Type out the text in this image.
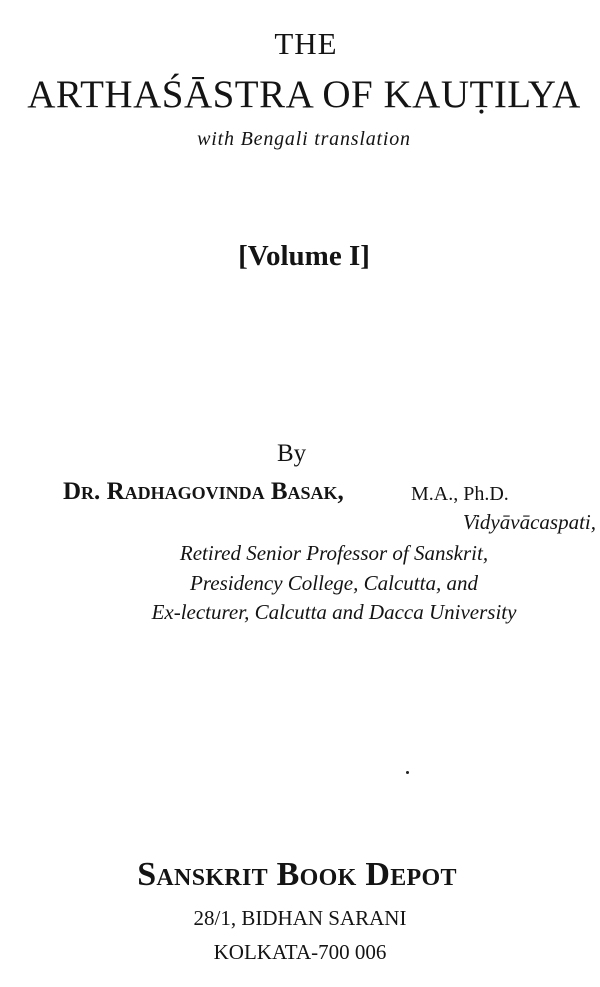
THE
ARTHAŚĀSTRA OF KAUṬILYA
with Bengali translation
[Volume I]
By
Dr. Radhagovinda Basak,	M.A., Ph.D.
Vidyāvācaspati,
Retired Senior Professor of Sanskrit,
Presidency College, Calcutta, and
Ex-lecturer, Calcutta and Dacca University
Sanskrit Book Depot
28/1, BIDHAN SARANI
KOLKATA-700 006
